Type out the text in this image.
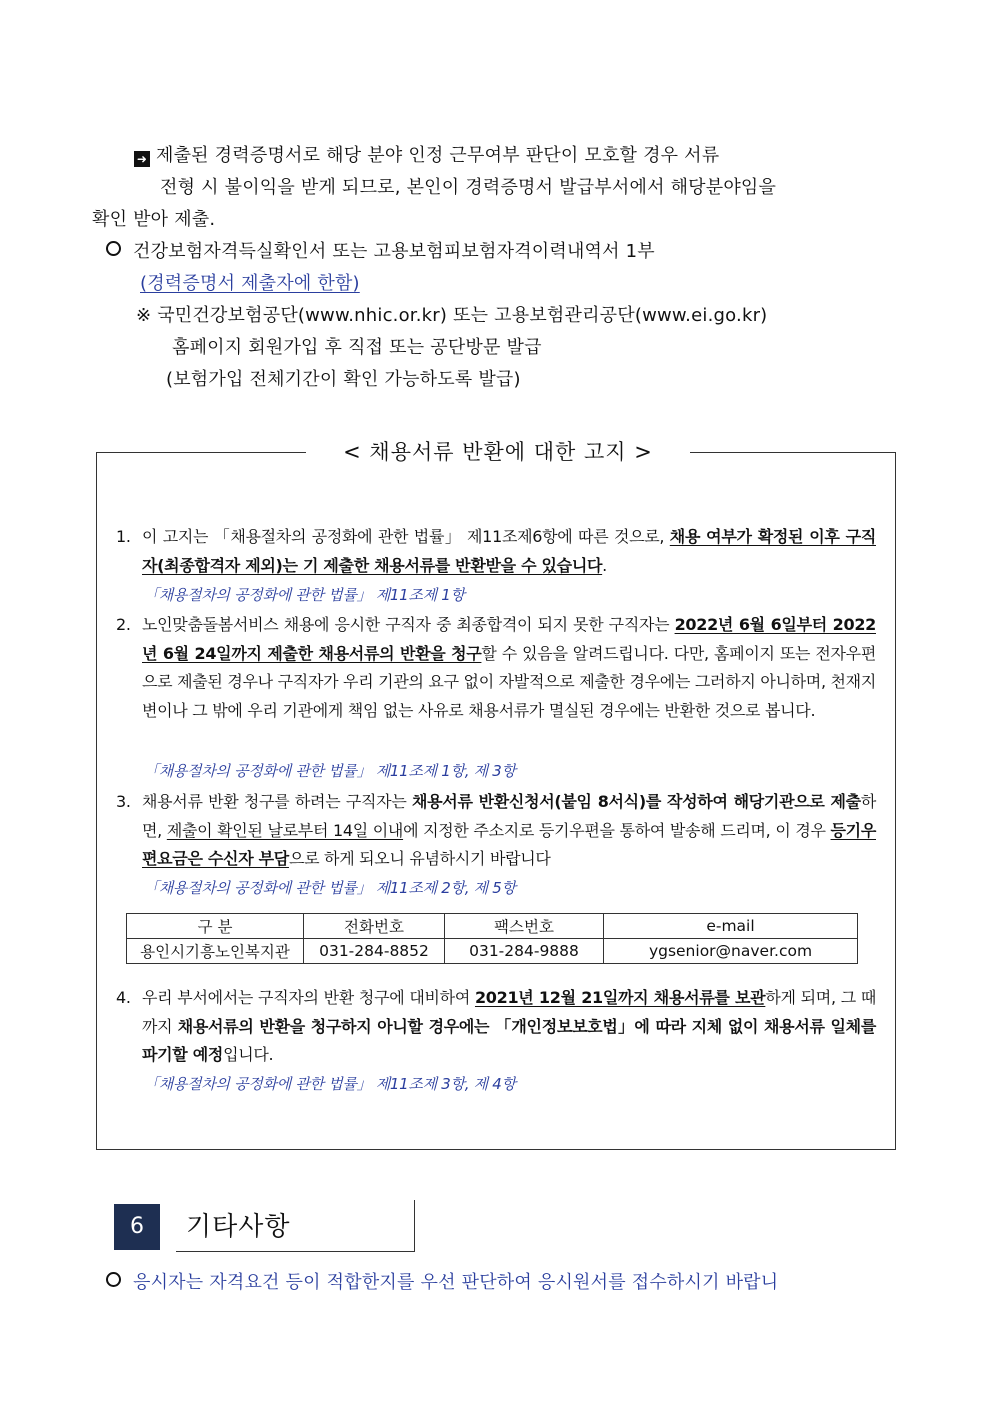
➜ 제출된 경력증명서로 해당 분야 인정 근무여부 판단이 모호할 경우 서류
전형 시 불이익을 받게 되므로, 본인이 경력증명서 발급부서에서 해당분야임을
확인 받아 제출.
건강보험자격득실확인서 또는 고용보험피보험자격이력내역서 1부
(경력증명서 제출자에 한함)
※ 국민건강보험공단(www.nhic.or.kr) 또는 고용보험관리공단(www.ei.go.kr)
홈페이지 회원가입 후 직접 또는 공단방문 발급
(보험가입 전체기간이 확인 가능하도록 발급)
< 채용서류 반환에 대한 고지 >
1. 이 고지는 「채용절차의 공정화에 관한 법률」 제11조제6항에 따른 것으로, 채용 여부가 확정된 이후 구직자(최종합격자 제외)는 기 제출한 채용서류를 반환받을 수 있습니다.
「채용절차의 공정화에 관한 법률」 제11조제 1항
2. 노인맞춤돌봄서비스 채용에 응시한 구직자 중 최종합격이 되지 못한 구직자는 2022년 6월 6일부터 2022년 6월 24일까지 제출한 채용서류의 반환을 청구할 수 있음을 알려드립니다. 다만, 홈페이지 또는 전자우편으로 제출된 경우나 구직자가 우리 기관의 요구 없이 자발적으로 제출한 경우에는 그러하지 아니하며, 천재지변이나 그 밖에 우리 기관에게 책임 없는 사유로 채용서류가 멸실된 경우에는 반환한 것으로 봅니다.
「채용절차의 공정화에 관한 법률」 제11조제 1항, 제 3항
3. 채용서류 반환 청구를 하려는 구직자는 채용서류 반환신청서(붙임 8서식)를 작성하여 해당기관으로 제출하면, 제출이 확인된 날로부터 14일 이내에 지정한 주소지로 등기우편을 통하여 발송해 드리며, 이 경우 등기우편요금은 수신자 부담으로 하게 되오니 유념하시기 바랍니다
「채용절차의 공정화에 관한 법률」 제11조제 2항, 제 5항
구 분	전화번호	팩스번호	e-mail
용인시기흥노인복지관	031-284-8852	031-284-9888	ygsenior@naver.com
4. 우리 부서에서는 구직자의 반환 청구에 대비하여 2021년 12월 21일까지 채용서류를 보관하게 되며, 그 때까지 채용서류의 반환을 청구하지 아니할 경우에는 「개인정보보호법」에 따라 지체 없이 채용서류 일체를 파기할 예정입니다.
「채용절차의 공정화에 관한 법률」 제11조제 3항, 제 4항
6	기타사항
응시자는 자격요건 등이 적합한지를 우선 판단하여 응시원서를 접수하시기 바랍니
